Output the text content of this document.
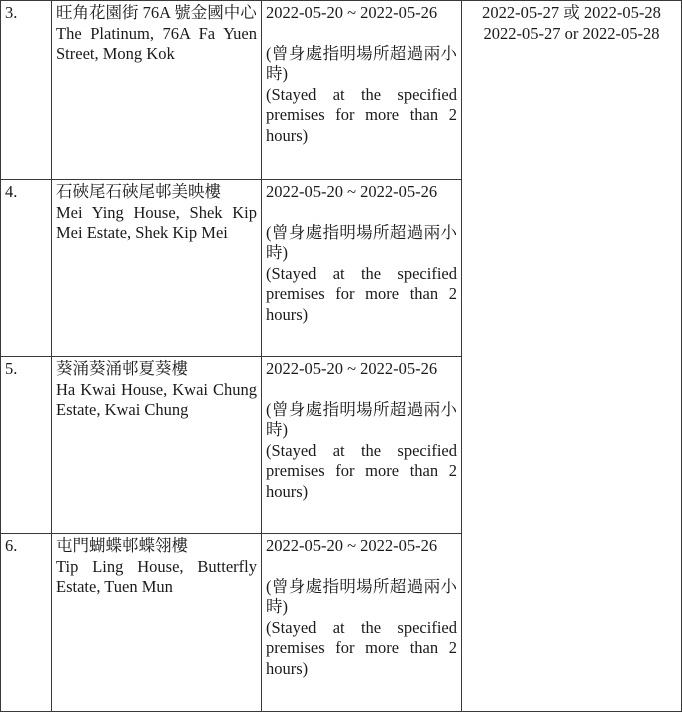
3.	旺角花園街 76A 號金國中心
The Platinum, 76A Fa Yuen Street, Mong Kok	2022-05-20 ~ 2022-05-26
(曾身處指明場所超過兩小時)
(Stayed at the specified premises for more than 2 hours)	2022-05-27 或 2022-05-28
2022-05-27 or 2022-05-28

4.	石硤尾石硤尾邨美映樓
Mei Ying House, Shek Kip Mei Estate, Shek Kip Mei	2022-05-20 ~ 2022-05-26
(曾身處指明場所超過兩小時)
(Stayed at the specified premises for more than 2 hours)	

5.	葵涌葵涌邨夏葵樓
Ha Kwai House, Kwai Chung Estate, Kwai Chung	2022-05-20 ~ 2022-05-26
(曾身處指明場所超過兩小時)
(Stayed at the specified premises for more than 2 hours)	

6.	屯門蝴蝶邨蝶翎樓
Tip Ling House, Butterfly Estate, Tuen Mun	2022-05-20 ~ 2022-05-26
(曾身處指明場所超過兩小時)
(Stayed at the specified premises for more than 2 hours)	
